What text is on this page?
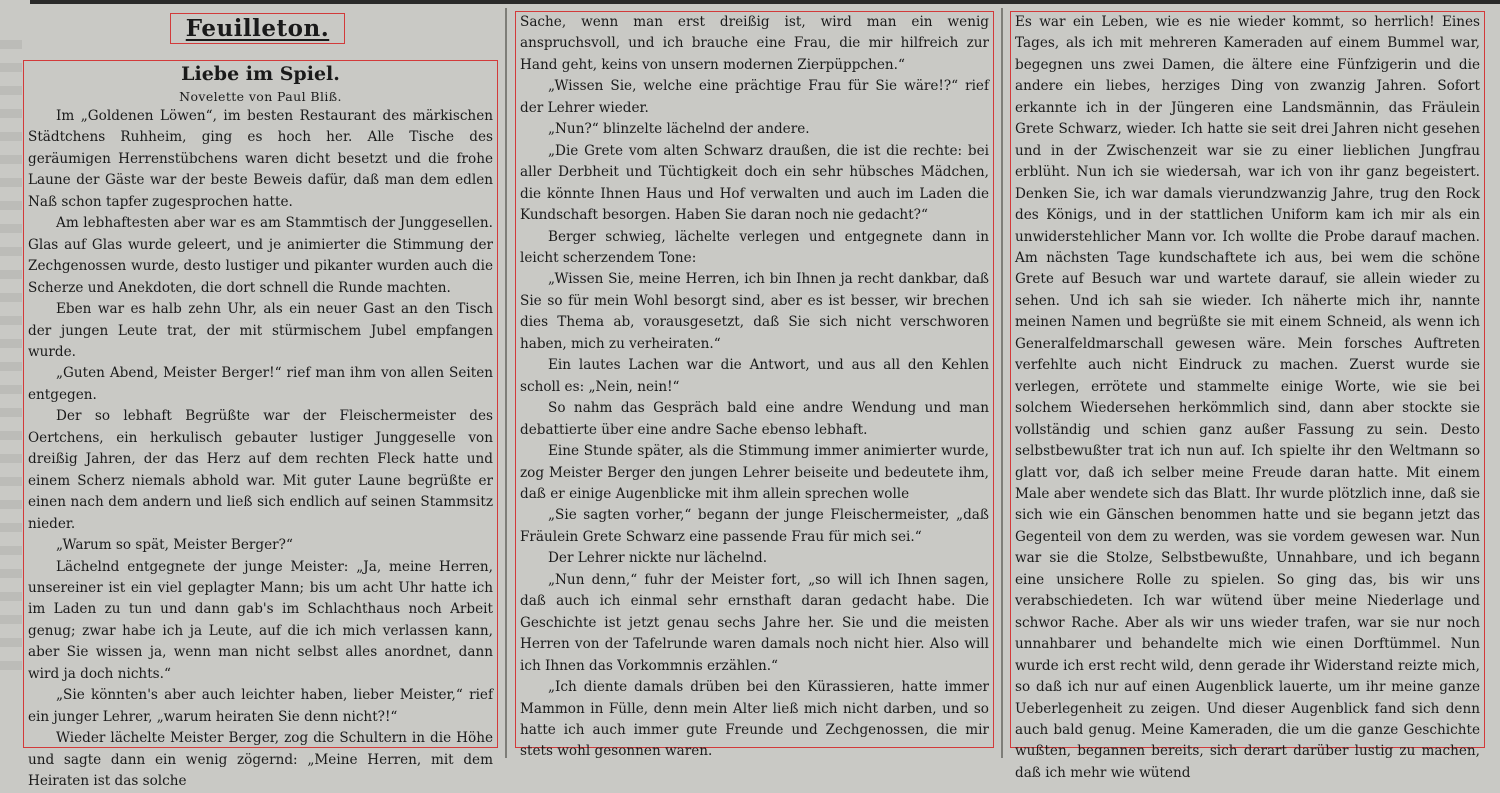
Feuilleton.
Liebe im Spiel.
Novelette von Paul Bliß.

Im „Goldenen Löwen“, im besten Restaurant des märkischen Städtchens Ruhheim, ging es hoch her. Alle Tische des geräumigen Herrenstübchens waren dicht besetzt und die frohe Laune der Gäste war der beste Beweis dafür, daß man dem edlen Naß schon tapfer zugesprochen hatte.

Am lebhaftesten aber war es am Stammtisch der Junggesellen. Glas auf Glas wurde geleert, und je animierter die Stimmung der Zechgenossen wurde, desto lustiger und pikanter wurden auch die Scherze und Anekdoten, die dort schnell die Runde machten.

Eben war es halb zehn Uhr, als ein neuer Gast an den Tisch der jungen Leute trat, der mit stürmischem Jubel empfangen wurde.

„Guten Abend, Meister Berger!“ rief man ihm von allen Seiten entgegen.

Der so lebhaft Begrüßte war der Fleischermeister des Oertchens, ein herkulisch gebauter lustiger Junggeselle von dreißig Jahren, der das Herz auf dem rechten Fleck hatte und einem Scherz niemals abhold war. Mit guter Laune begrüßte er einen nach dem andern und ließ sich endlich auf seinen Stammsitz nieder.

„Warum so spät, Meister Berger?“

Lächelnd entgegnete der junge Meister: „Ja, meine Herren, unsereiner ist ein viel geplagter Mann; bis um acht Uhr hatte ich im Laden zu tun und dann gab's im Schlachthaus noch Arbeit genug; zwar habe ich ja Leute, auf die ich mich verlassen kann, aber Sie wissen ja, wenn man nicht selbst alles anordnet, dann wird ja doch nichts.“

„Sie könnten's aber auch leichter haben, lieber Meister,“ rief ein junger Lehrer, „warum heiraten Sie denn nicht?!“

Wieder lächelte Meister Berger, zog die Schultern in die Höhe und sagte dann ein wenig zögernd: „Meine Herren, mit dem Heiraten ist das solche

Sache, wenn man erst dreißig ist, wird man ein wenig anspruchsvoll, und ich brauche eine Frau, die mir hilfreich zur Hand geht, keins von unsern modernen Zierpüppchen.“

„Wissen Sie, welche eine prächtige Frau für Sie wäre!?“ rief der Lehrer wieder.

„Nun?“ blinzelte lächelnd der andere.

„Die Grete vom alten Schwarz draußen, die ist die rechte: bei aller Derbheit und Tüchtigkeit doch ein sehr hübsches Mädchen, die könnte Ihnen Haus und Hof verwalten und auch im Laden die Kundschaft besorgen. Haben Sie daran noch nie gedacht?“

Berger schwieg, lächelte verlegen und entgegnete dann in leicht scherzendem Tone:

„Wissen Sie, meine Herren, ich bin Ihnen ja recht dankbar, daß Sie so für mein Wohl besorgt sind, aber es ist besser, wir brechen dies Thema ab, vorausgesetzt, daß Sie sich nicht verschworen haben, mich zu verheiraten.“

Ein lautes Lachen war die Antwort, und aus all den Kehlen scholl es: „Nein, nein!“

So nahm das Gespräch bald eine andre Wendung und man debattierte über eine andre Sache ebenso lebhaft.

Eine Stunde später, als die Stimmung immer animierter wurde, zog Meister Berger den jungen Lehrer beiseite und bedeutete ihm, daß er einige Augenblicke mit ihm allein sprechen wolle

„Sie sagten vorher,“ begann der junge Fleischermeister, „daß Fräulein Grete Schwarz eine passende Frau für mich sei.“

Der Lehrer nickte nur lächelnd.

„Nun denn,“ fuhr der Meister fort, „so will ich Ihnen sagen, daß auch ich einmal sehr ernsthaft daran gedacht habe. Die Geschichte ist jetzt genau sechs Jahre her. Sie und die meisten Herren von der Tafelrunde waren damals noch nicht hier. Also will ich Ihnen das Vorkommnis erzählen.“

„Ich diente damals drüben bei den Kürassieren, hatte immer Mammon in Fülle, denn mein Alter ließ mich nicht darben, und so hatte ich auch immer gute Freunde und Zechgenossen, die mir stets wohl gesonnen waren.

Es war ein Leben, wie es nie wieder kommt, so herrlich! Eines Tages, als ich mit mehreren Kameraden auf einem Bummel war, begegnen uns zwei Damen, die ältere eine Fünfzigerin und die andere ein liebes, herziges Ding von zwanzig Jahren. Sofort erkannte ich in der Jüngeren eine Landsmännin, das Fräulein Grete Schwarz, wieder. Ich hatte sie seit drei Jahren nicht gesehen und in der Zwischenzeit war sie zu einer lieblichen Jungfrau erblüht. Nun ich sie wiedersah, war ich von ihr ganz begeistert. Denken Sie, ich war damals vierundzwanzig Jahre, trug den Rock des Königs, und in der stattlichen Uniform kam ich mir als ein unwiderstehlicher Mann vor. Ich wollte die Probe darauf machen. Am nächsten Tage kundschaftete ich aus, bei wem die schöne Grete auf Besuch war und wartete darauf, sie allein wieder zu sehen. Und ich sah sie wieder. Ich näherte mich ihr, nannte meinen Namen und begrüßte sie mit einem Schneid, als wenn ich Generalfeldmarschall gewesen wäre. Mein forsches Auftreten verfehlte auch nicht Eindruck zu machen. Zuerst wurde sie verlegen, errötete und stammelte einige Worte, wie sie bei solchem Wiedersehen herkömmlich sind, dann aber stockte sie vollständig und schien ganz außer Fassung zu sein. Desto selbstbewußter trat ich nun auf. Ich spielte ihr den Weltmann so glatt vor, daß ich selber meine Freude daran hatte. Mit einem Male aber wendete sich das Blatt. Ihr wurde plötzlich inne, daß sie sich wie ein Gänschen benommen hatte und sie begann jetzt das Gegenteil von dem zu werden, was sie vordem gewesen war. Nun war sie die Stolze, Selbstbewußte, Unnahbare, und ich begann eine unsichere Rolle zu spielen. So ging das, bis wir uns verabschiedeten. Ich war wütend über meine Niederlage und schwor Rache. Aber als wir uns wieder trafen, war sie nur noch unnahbarer und behandelte mich wie einen Dorftümmel. Nun wurde ich erst recht wild, denn gerade ihr Widerstand reizte mich, so daß ich nur auf einen Augenblick lauerte, um ihr meine ganze Ueberlegenheit zu zeigen. Und dieser Augenblick fand sich denn auch bald genug. Meine Kameraden, die um die ganze Geschichte wußten, begannen bereits, sich derart darüber lustig zu machen, daß ich mehr wie wütend
